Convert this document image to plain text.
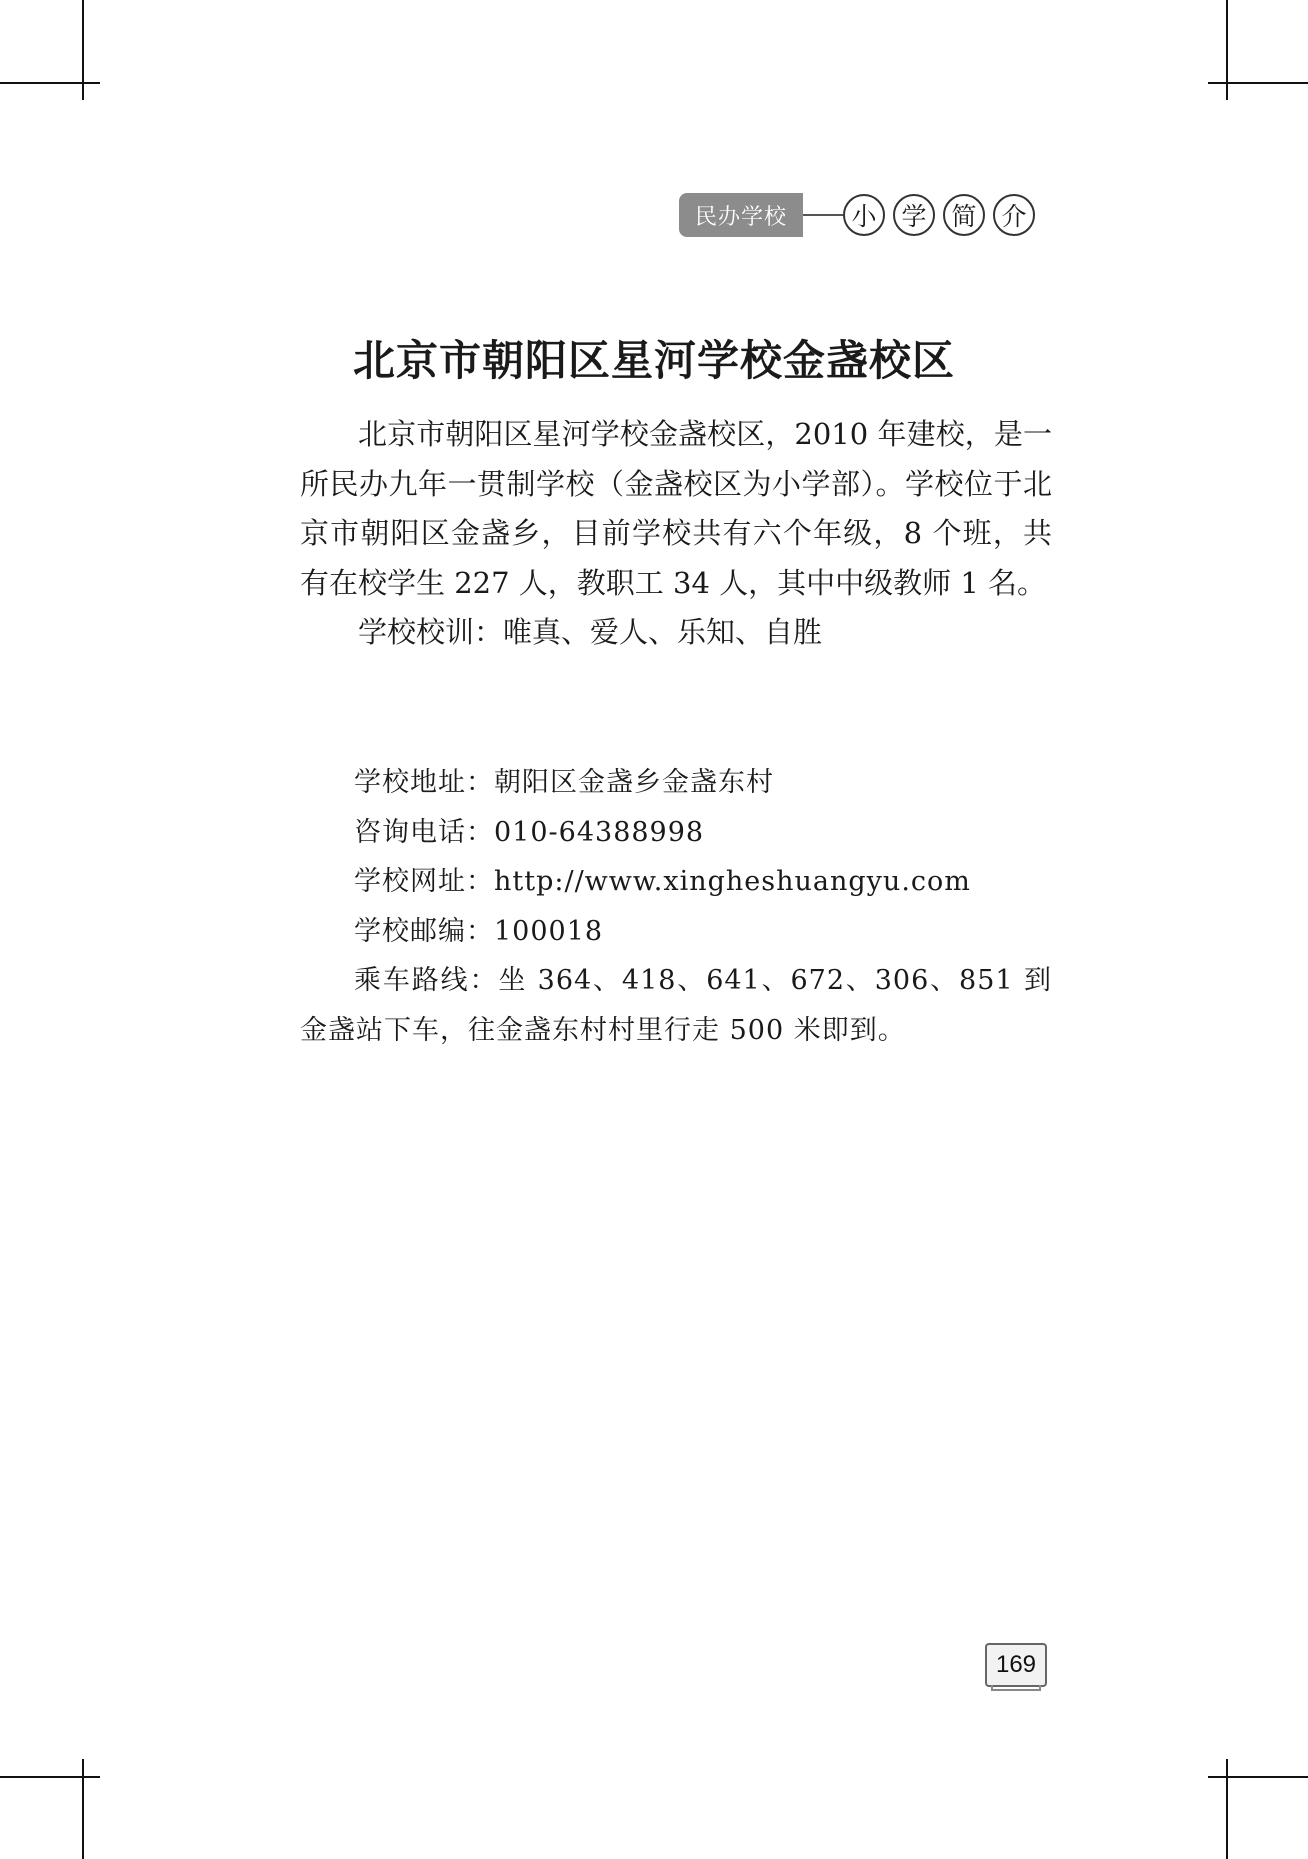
民办学校	小 学 简 介
北京市朝阳区星河学校金盏校区

北京市朝阳区星河学校金盏校区，2010 年建校，是一所民办九年一贯制学校（金盏校区为小学部）。学校位于北京市朝阳区金盏乡，目前学校共有六个年级，8 个班，共有在校学生 227 人，教职工 34 人，其中中级教师 1 名。

学校校训：唯真、爱人、乐知、自胜

学校地址：朝阳区金盏乡金盏东村

咨询电话：010-64388998

学校网址：http://www.xingheshuangyu.com

学校邮编：100018

乘车路线：坐 364、418、641、672、306、851 到金盏站下车，往金盏东村村里行走 500 米即到。

169
